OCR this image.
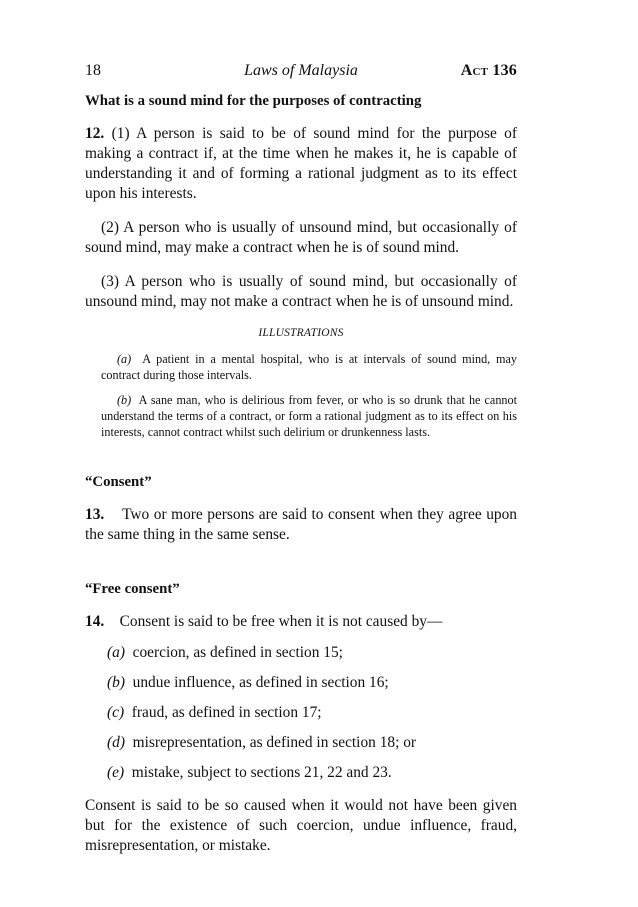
18	Laws of Malaysia	Act 136

What is a sound mind for the purposes of contracting

12. (1) A person is said to be of sound mind for the purpose of making a contract if, at the time when he makes it, he is capable of understanding it and of forming a rational judgment as to its effect upon his interests.

(2) A person who is usually of unsound mind, but occasionally of sound mind, may make a contract when he is of sound mind.

(3) A person who is usually of sound mind, but occasionally of unsound mind, may not make a contract when he is of unsound mind.

ILLUSTRATIONS

(a) A patient in a mental hospital, who is at intervals of sound mind, may contract during those intervals.

(b) A sane man, who is delirious from fever, or who is so drunk that he cannot understand the terms of a contract, or form a rational judgment as to its effect on his interests, cannot contract whilst such delirium or drunkenness lasts.

“Consent”

13. Two or more persons are said to consent when they agree upon the same thing in the same sense.

“Free consent”

14. Consent is said to be free when it is not caused by—

(a) coercion, as defined in section 15;

(b) undue influence, as defined in section 16;

(c) fraud, as defined in section 17;

(d) misrepresentation, as defined in section 18; or

(e) mistake, subject to sections 21, 22 and 23.

Consent is said to be so caused when it would not have been given but for the existence of such coercion, undue influence, fraud, misrepresentation, or mistake.
